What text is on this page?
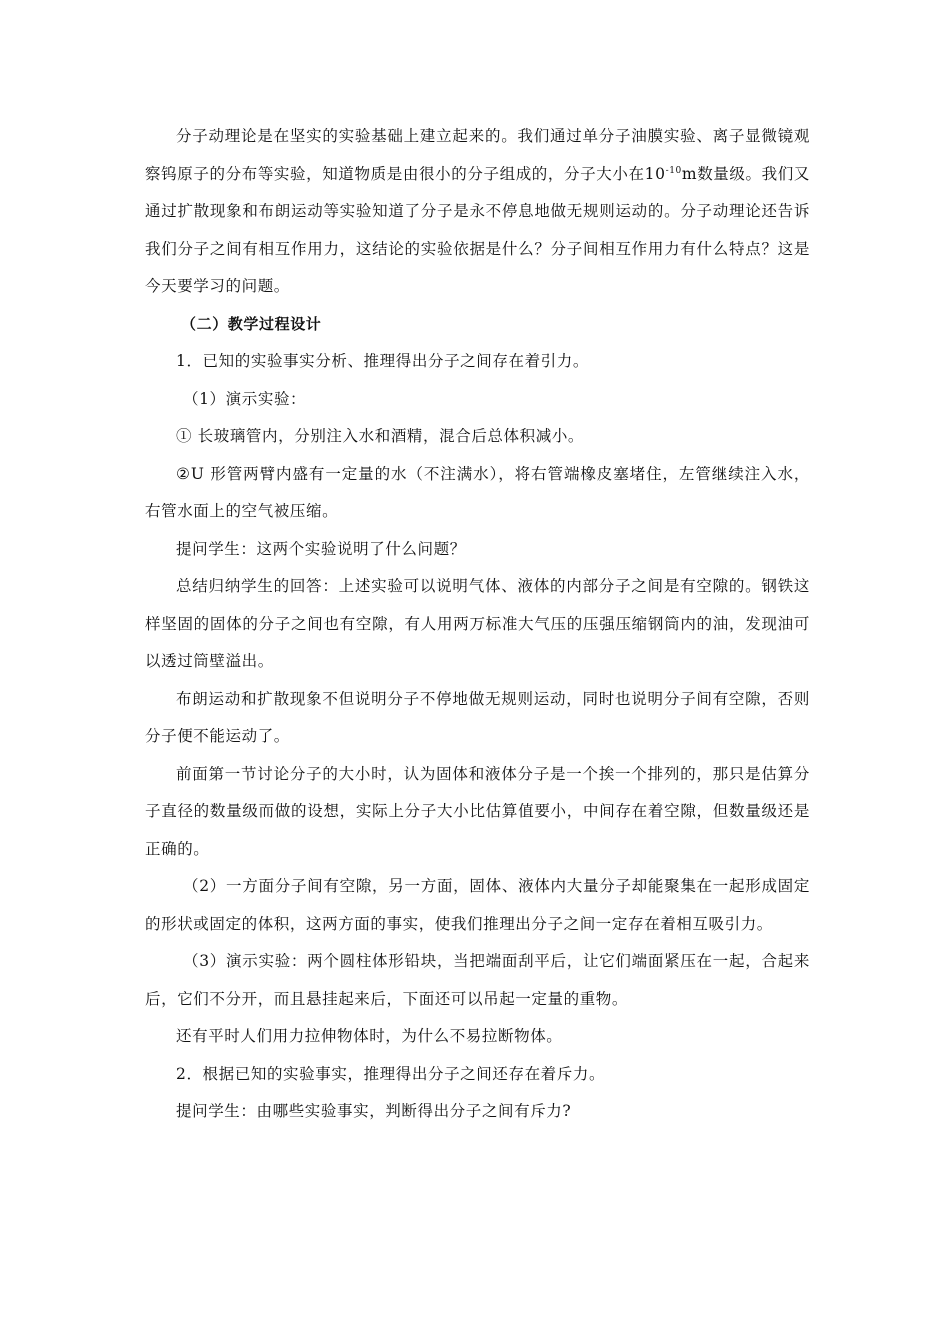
分子动理论是在坚实的实验基础上建立起来的。我们通过单分子油膜实验、离子显微镜观察钨原子的分布等实验，知道物质是由很小的分子组成的，分子大小在$10^{-10}m$数量级。我们又通过扩散现象和布朗运动等实验知道了分子是永不停息地做无规则运动的。分子动理论还告诉我们分子之间有相互作用力，这结论的实验依据是什么？分子间相互作用力有什么特点？这是今天要学习的问题。

（二）教学过程设计

1．已知的实验事实分析、推理得出分子之间存在着引力。

（1）演示实验：

① 长玻璃管内，分别注入水和酒精，混合后总体积减小。

②U 形管两臂内盛有一定量的水（不注满水），将右管端橡皮塞堵住，左管继续注入水，右管水面上的空气被压缩。

提问学生：这两个实验说明了什么问题？

总结归纳学生的回答：上述实验可以说明气体、液体的内部分子之间是有空隙的。钢铁这样坚固的固体的分子之间也有空隙，有人用两万标准大气压的压强压缩钢筒内的油，发现油可以透过筒壁溢出。

布朗运动和扩散现象不但说明分子不停地做无规则运动，同时也说明分子间有空隙，否则分子便不能运动了。

前面第一节讨论分子的大小时，认为固体和液体分子是一个挨一个排列的，那只是估算分子直径的数量级而做的设想，实际上分子大小比估算值要小，中间存在着空隙，但数量级还是正确的。

（2）一方面分子间有空隙，另一方面，固体、液体内大量分子却能聚集在一起形成固定的形状或固定的体积，这两方面的事实，使我们推理出分子之间一定存在着相互吸引力。

（3）演示实验：两个圆柱体形铅块，当把端面刮平后，让它们端面紧压在一起，合起来后，它们不分开，而且悬挂起来后，下面还可以吊起一定量的重物。

还有平时人们用力拉伸物体时，为什么不易拉断物体。

2．根据已知的实验事实，推理得出分子之间还存在着斥力。

提问学生：由哪些实验事实，判断得出分子之间有斥力?
